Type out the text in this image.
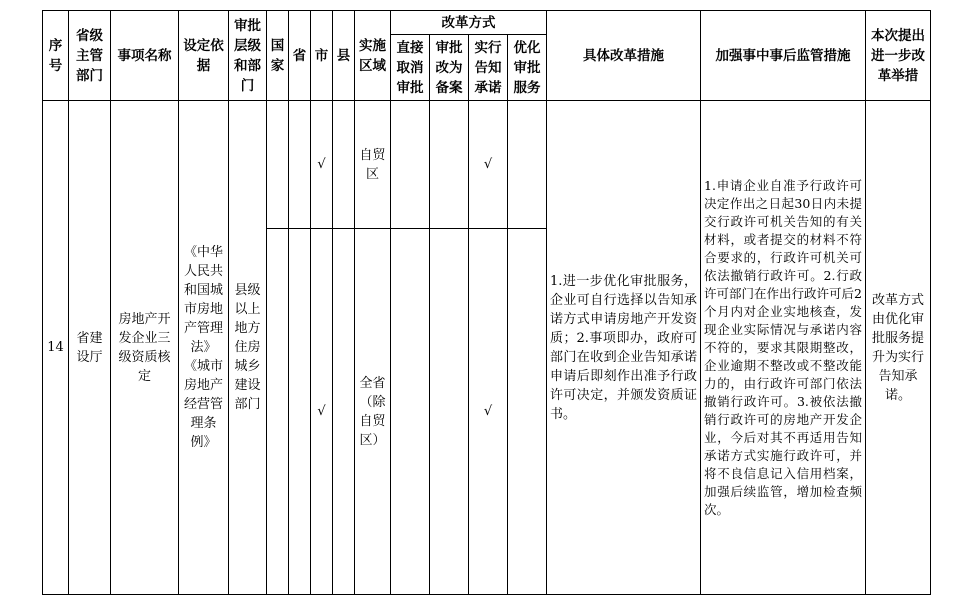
序号	省级主管部门	事项名称	设定依据	审批层级和部门	国家	省	市	县	实施区域	改革方式				具体改革措施	加强事中事后监管措施	本次提出进一步改革举措
										直接取消审批	审批改为备案	实行告知承诺	优化审批服务			
14	省建设厅	房地产开发企业三级资质核定	《中华人民共和国城市房地产管理法》《城市房地产经营管理条例》	县级以上地方住房城乡建设部门			√		自贸区			√		1.进一步优化审批服务，企业可自行选择以告知承诺方式申请房地产开发资质；2.事项即办，政府可部门在收到企业告知承诺申请后即刻作出准予行政许可决定，并颁发资质证书。	1.申请企业自准予行政许可决定作出之日起30日内未提交行政许可机关告知的有关材料，或者提交的材料不符合要求的，行政许可机关可依法撤销行政许可。2.行政许可部门在作出行政许可后2个月内对企业实地核查，发现企业实际情况与承诺内容不符的，要求其限期整改，企业逾期不整改或不整改能力的，由行政许可部门依法撤销行政许可。3.被依法撤销行政许可的房地产开发企业，今后对其不再适用告知承诺方式实施行政许可，并将不良信息记入信用档案，加强后续监管，增加检查频次。	改革方式由优化审批服务提升为实行告知承诺。
							√		全省（除自贸区）			√				
